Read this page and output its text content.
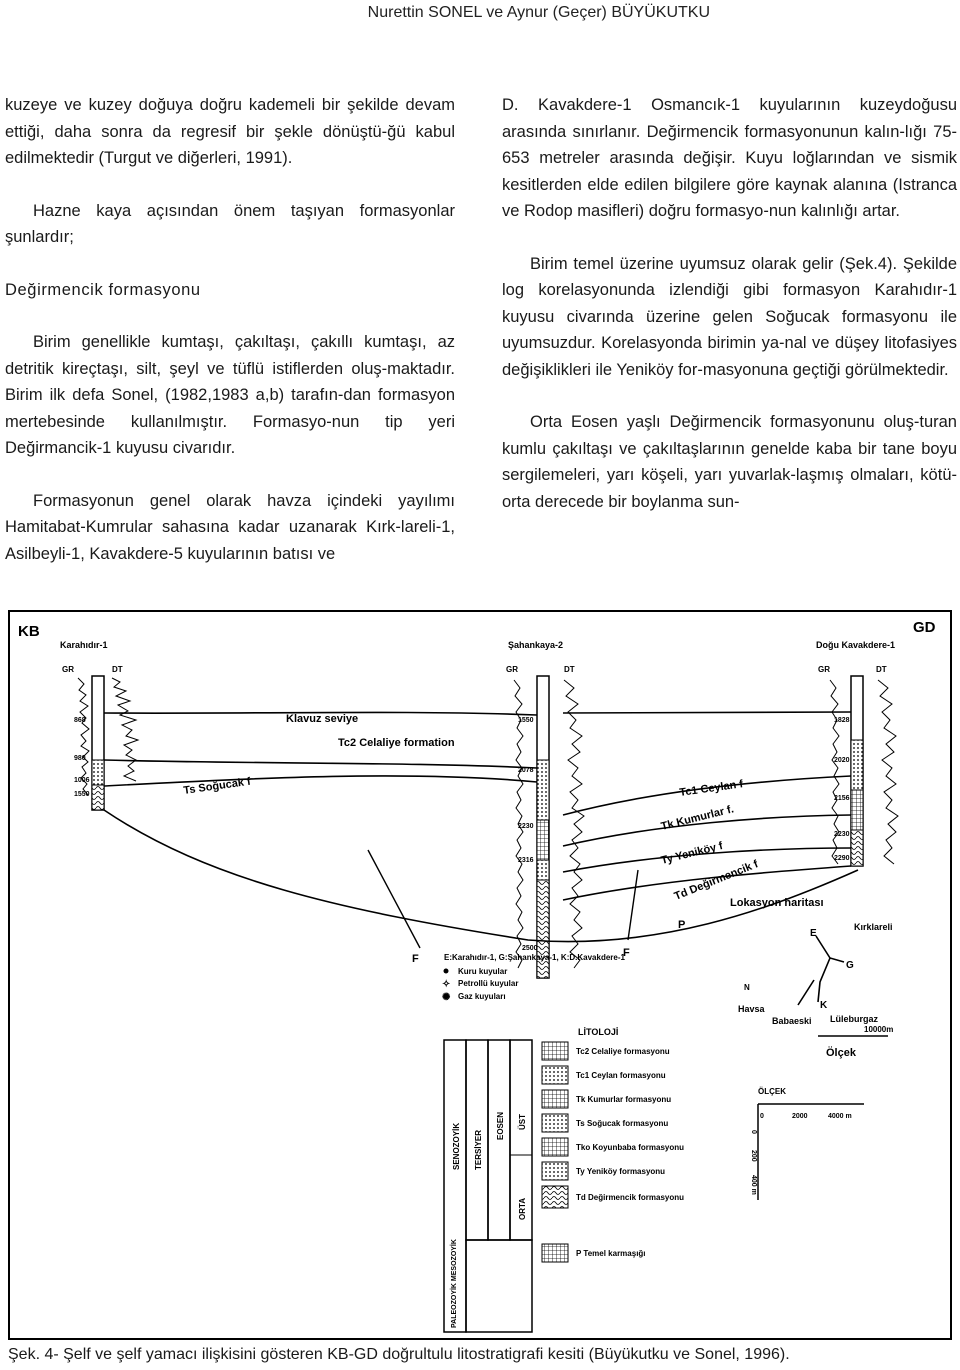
Nurettin SONEL ve Aynur (Geçer) BÜYÜKUTKU

kuzeye ve kuzey doğuya doğru kademeli bir şekilde devam ettiği, daha sonra da regresif bir şekle dönüştü-ğü kabul edilmektedir (Turgut ve diğerleri, 1991).

Hazne kaya açısından önem taşıyan formasyonlar şunlardır;

Değirmencik formasyonu

Birim genellikle kumtaşı, çakıltaşı, çakıllı kumtaşı, az detritik kireçtaşı, silt, şeyl ve tüflü istiflerden oluş-maktadır. Birim ilk defa Sonel, (1982,1983 a,b) tarafın-dan formasyon mertebesinde kullanılmıştır. Formasyo-nun tip yeri Değirmancik-1 kuyusu civarıdır.

Formasyonun genel olarak havza içindeki yayılımı Hamitabat-Kumrular sahasına kadar uzanarak Kırk-lareli-1, Asilbeyli-1, Kavakdere-5 kuyularının batısı ve

D. Kavakdere-1 Osmancık-1 kuyularının kuzeydoğusu arasında sınırlanır. Değirmencik formasyonunun kalın-lığı 75-653 metreler arasında değişir. Kuyu loğlarından ve sismik kesitlerden elde edilen bilgilere göre kaynak alanına (Istranca ve Rodop masifleri) doğru formasyo-nun kalınlığı artar.

Birim temel üzerine uyumsuz olarak gelir (Şek.4). Şekilde log korelasyonunda izlendiği gibi formasyon Karahıdır-1 kuyusu civarında üzerine gelen Soğucak formasyonu ile uyumsuzdur. Korelasyonda birimin ya-nal ve düşey litofasiyes değişiklikleri ile Yeniköy for-masyonuna geçtiği görülmektedir.

Orta Eosen yaşlı Değirmencik formasyonunu oluş-turan kumlu çakıltaşı ve çakıltaşlarının genelde kaba bir tane boyu sergilemeleri, yarı köşeli, yarı yuvarlak-laşmış olmaları, kötü-orta derecede bir boylanma sun-

KB	GD
Karahıdır-1
GR	DT
868
980
1006
1550
Şahankaya-2
GR	DT
1550
2078
2230
2316
2500
Doğu Kavakdere-1
GR	DT
1828
2020
2156
2230
2290
Klavuz seviye
Tc2 Celaliye formation
Ts Soğucak f	Tc1 Ceylan f
Tk Kumurlar f.
Ty Yeniköy f
Td Değirmencik f
F	F
P
Lokasyon haritası
Kırklareli
E
G
K
N
Havsa
Babaeski Lüleburgaz
10000m
Ölçek
E:Karahıdır-1, G:Şahankaya-1, K:D.Kavakdere-1
Kuru kuyular
✧ Petrollü kuyular
✺ Gaz kuyuları
LİTOLOJİ
SENOZOYİK TERSİYER
EOSEN ÜST
ORTA
PALEOZOYİK MESOZOYİK
Tc2 Celaliye formasyonu
Tc1 Ceylan formasyonu
Tk Kumurlar formasyonu
Ts Soğucak formasyonu
Tko Koyunbaba formasyonu
Ty Yeniköy formasyonu
Td Değirmencik formasyonu
P Temel karmaşığı
ÖLÇEK
0	2000	4000 m
0
200
400 m
Şek. 4- Şelf ve şelf yamacı ilişkisini gösteren KB-GD doğrultulu litostratigrafi kesiti (Büyükutku ve Sonel, 1996).
